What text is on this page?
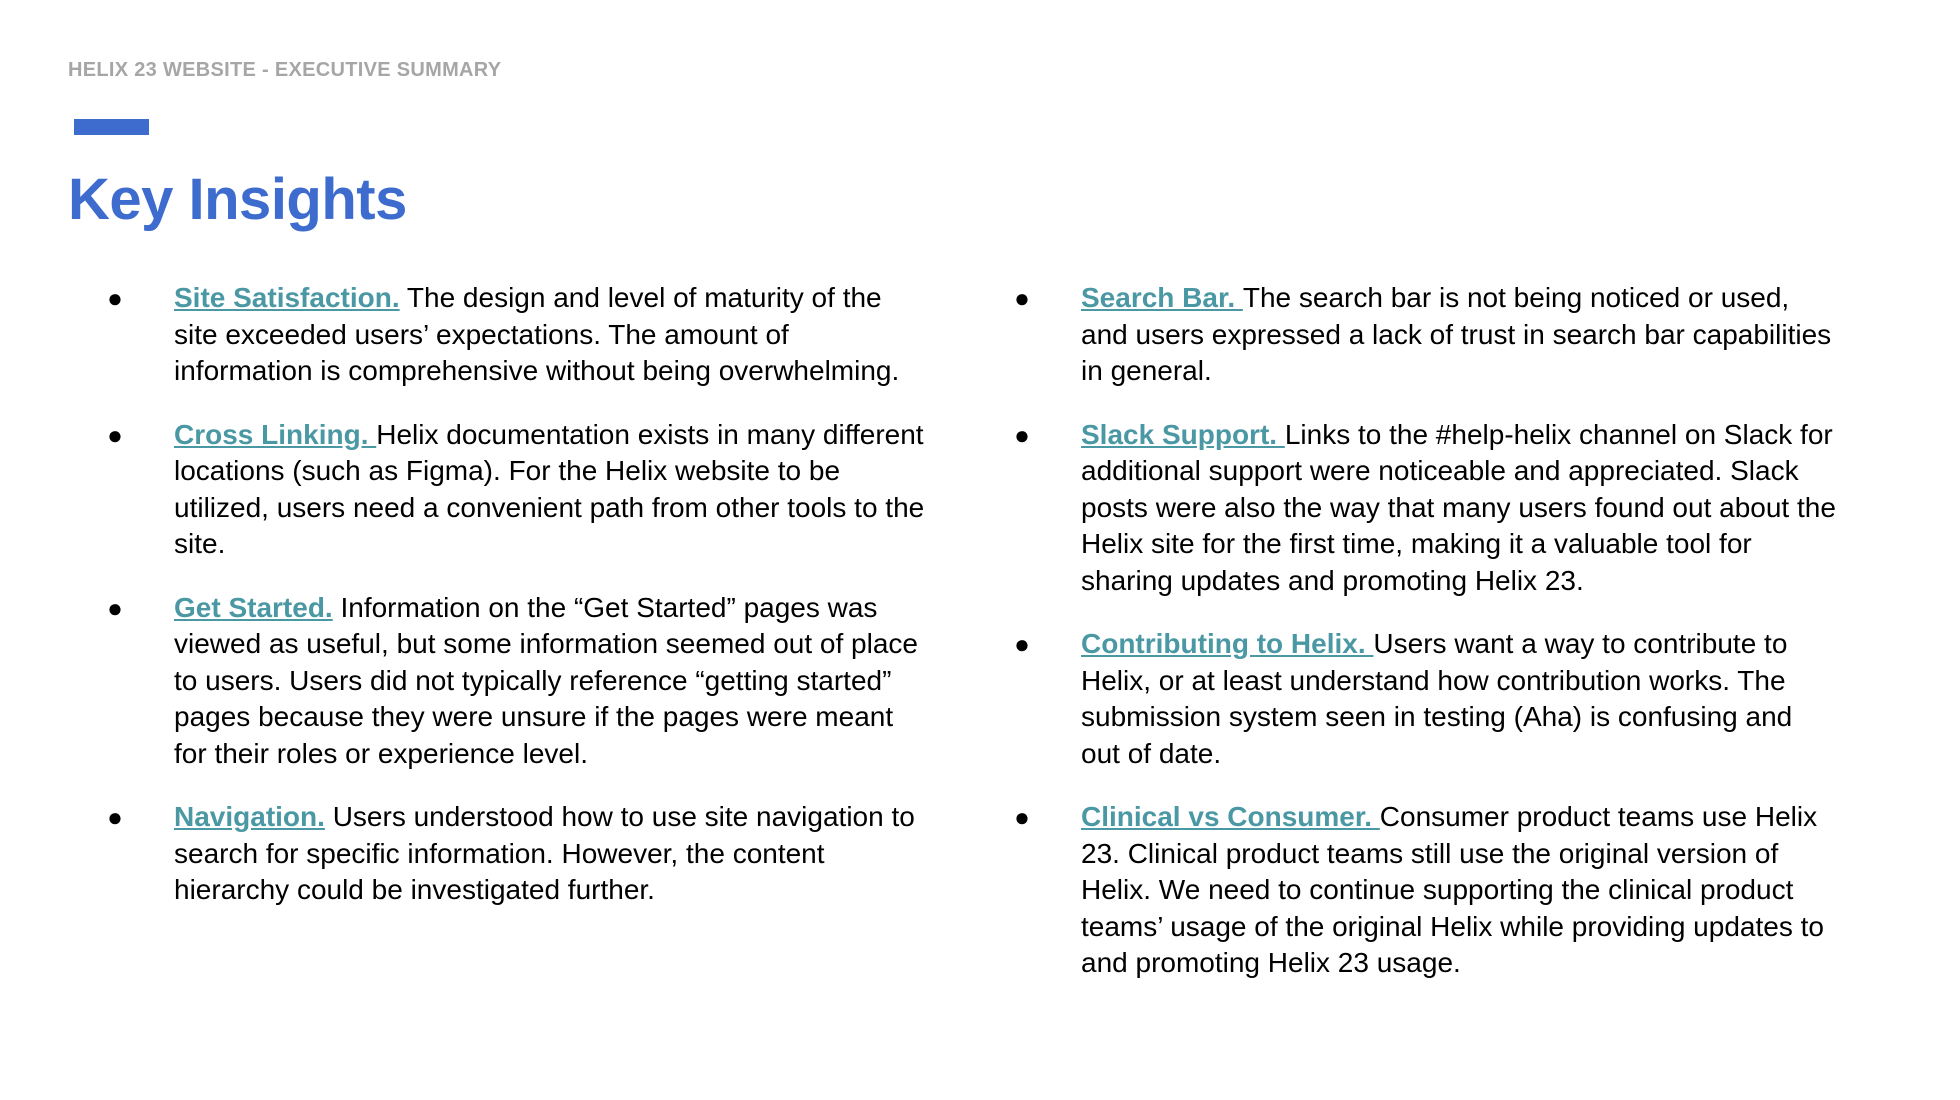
HELIX 23 WEBSITE - EXECUTIVE SUMMARY
Key Insights
● Site Satisfaction. The design and level of maturity of the site exceeded users’ expectations. The amount of information is comprehensive without being overwhelming.
● Cross Linking. Helix documentation exists in many different locations (such as Figma). For the Helix website to be utilized, users need a convenient path from other tools to the site.
● Get Started. Information on the “Get Started” pages was viewed as useful, but some information seemed out of place to users. Users did not typically reference “getting started” pages because they were unsure if the pages were meant for their roles or experience level.
● Navigation. Users understood how to use site navigation to search for specific information. However, the content hierarchy could be investigated further.
● Search Bar. The search bar is not being noticed or used, and users expressed a lack of trust in search bar capabilities in general.
● Slack Support. Links to the #help-helix channel on Slack for additional support were noticeable and appreciated. Slack posts were also the way that many users found out about the Helix site for the first time, making it a valuable tool for sharing updates and promoting Helix 23.
● Contributing to Helix. Users want a way to contribute to Helix, or at least understand how contribution works. The submission system seen in testing (Aha) is confusing and out of date.
● Clinical vs Consumer. Consumer product teams use Helix 23. Clinical product teams still use the original version of Helix. We need to continue supporting the clinical product teams’ usage of the original Helix while providing updates to and promoting Helix 23 usage.
